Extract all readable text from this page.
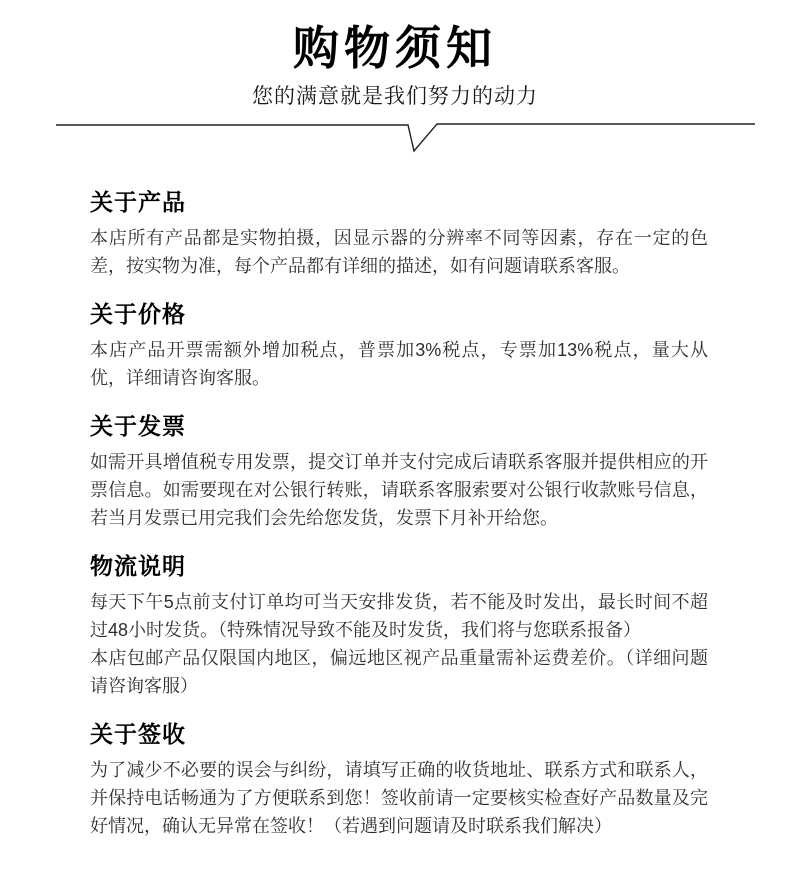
购物须知
您的满意就是我们努力的动力
关于产品

本店所有产品都是实物拍摄，因显示器的分辨率不同等因素，存在一定的色差，按实物为准，每个产品都有详细的描述，如有问题请联系客服。

关于价格

本店产品开票需额外增加税点，普票加3%税点，专票加13%税点，量大从优，详细请咨询客服。

关于发票

如需开具增值税专用发票，提交订单并支付完成后请联系客服并提供相应的开票信息。如需要现在对公银行转账，请联系客服索要对公银行收款账号信息，若当月发票已用完我们会先给您发货，发票下月补开给您。

物流说明

每天下午5点前支付订单均可当天安排发货，若不能及时发出，最长时间不超过48小时发货。（特殊情况导致不能及时发货，我们将与您联系报备）

本店包邮产品仅限国内地区，偏远地区视产品重量需补运费差价。（详细问题请咨询客服）

关于签收

为了减少不必要的误会与纠纷，请填写正确的收货地址、联系方式和联系人，并保持电话畅通为了方便联系到您！签收前请一定要核实检查好产品数量及完好情况，确认无异常在签收！（若遇到问题请及时联系我们解决）
